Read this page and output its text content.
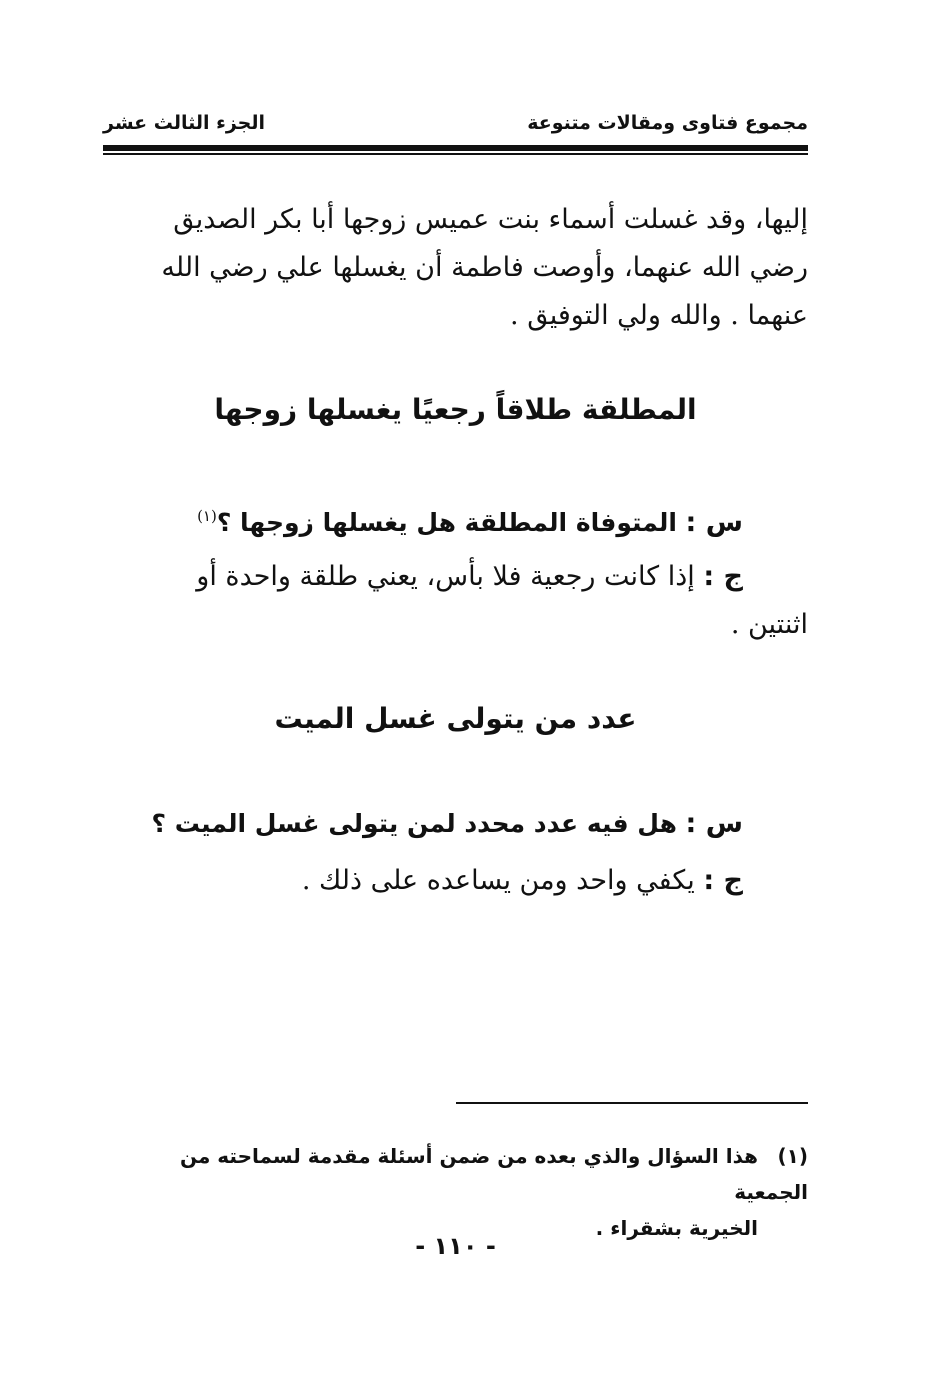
مجموع فتاوى ومقالات متنوعة
الجزء الثالث عشر
إليها، وقد غسلت أسماء بنت عميس زوجها أبا بكر الصديق
رضي الله عنهما، وأوصت فاطمة أن يغسلها علي رضي الله
عنهما . والله ولي التوفيق .
المطلقة طلاقاً رجعيًا يغسلها زوجها
س : المتوفاة المطلقة هل يغسلها زوجها ؟$^{(١)}$
ج : إذا كانت رجعية فلا بأس، يعني طلقة واحدة أو
اثنتين .
عدد من يتولى غسل الميت
س : هل فيه عدد محدد لمن يتولى غسل الميت ؟
ج : يكفي واحد ومن يساعده على ذلك .
(١)هذا السؤال والذي بعده من ضمن أسئلة مقدمة لسماحته من الجمعية
الخيرية بشقراء .
- ١١٠ -
